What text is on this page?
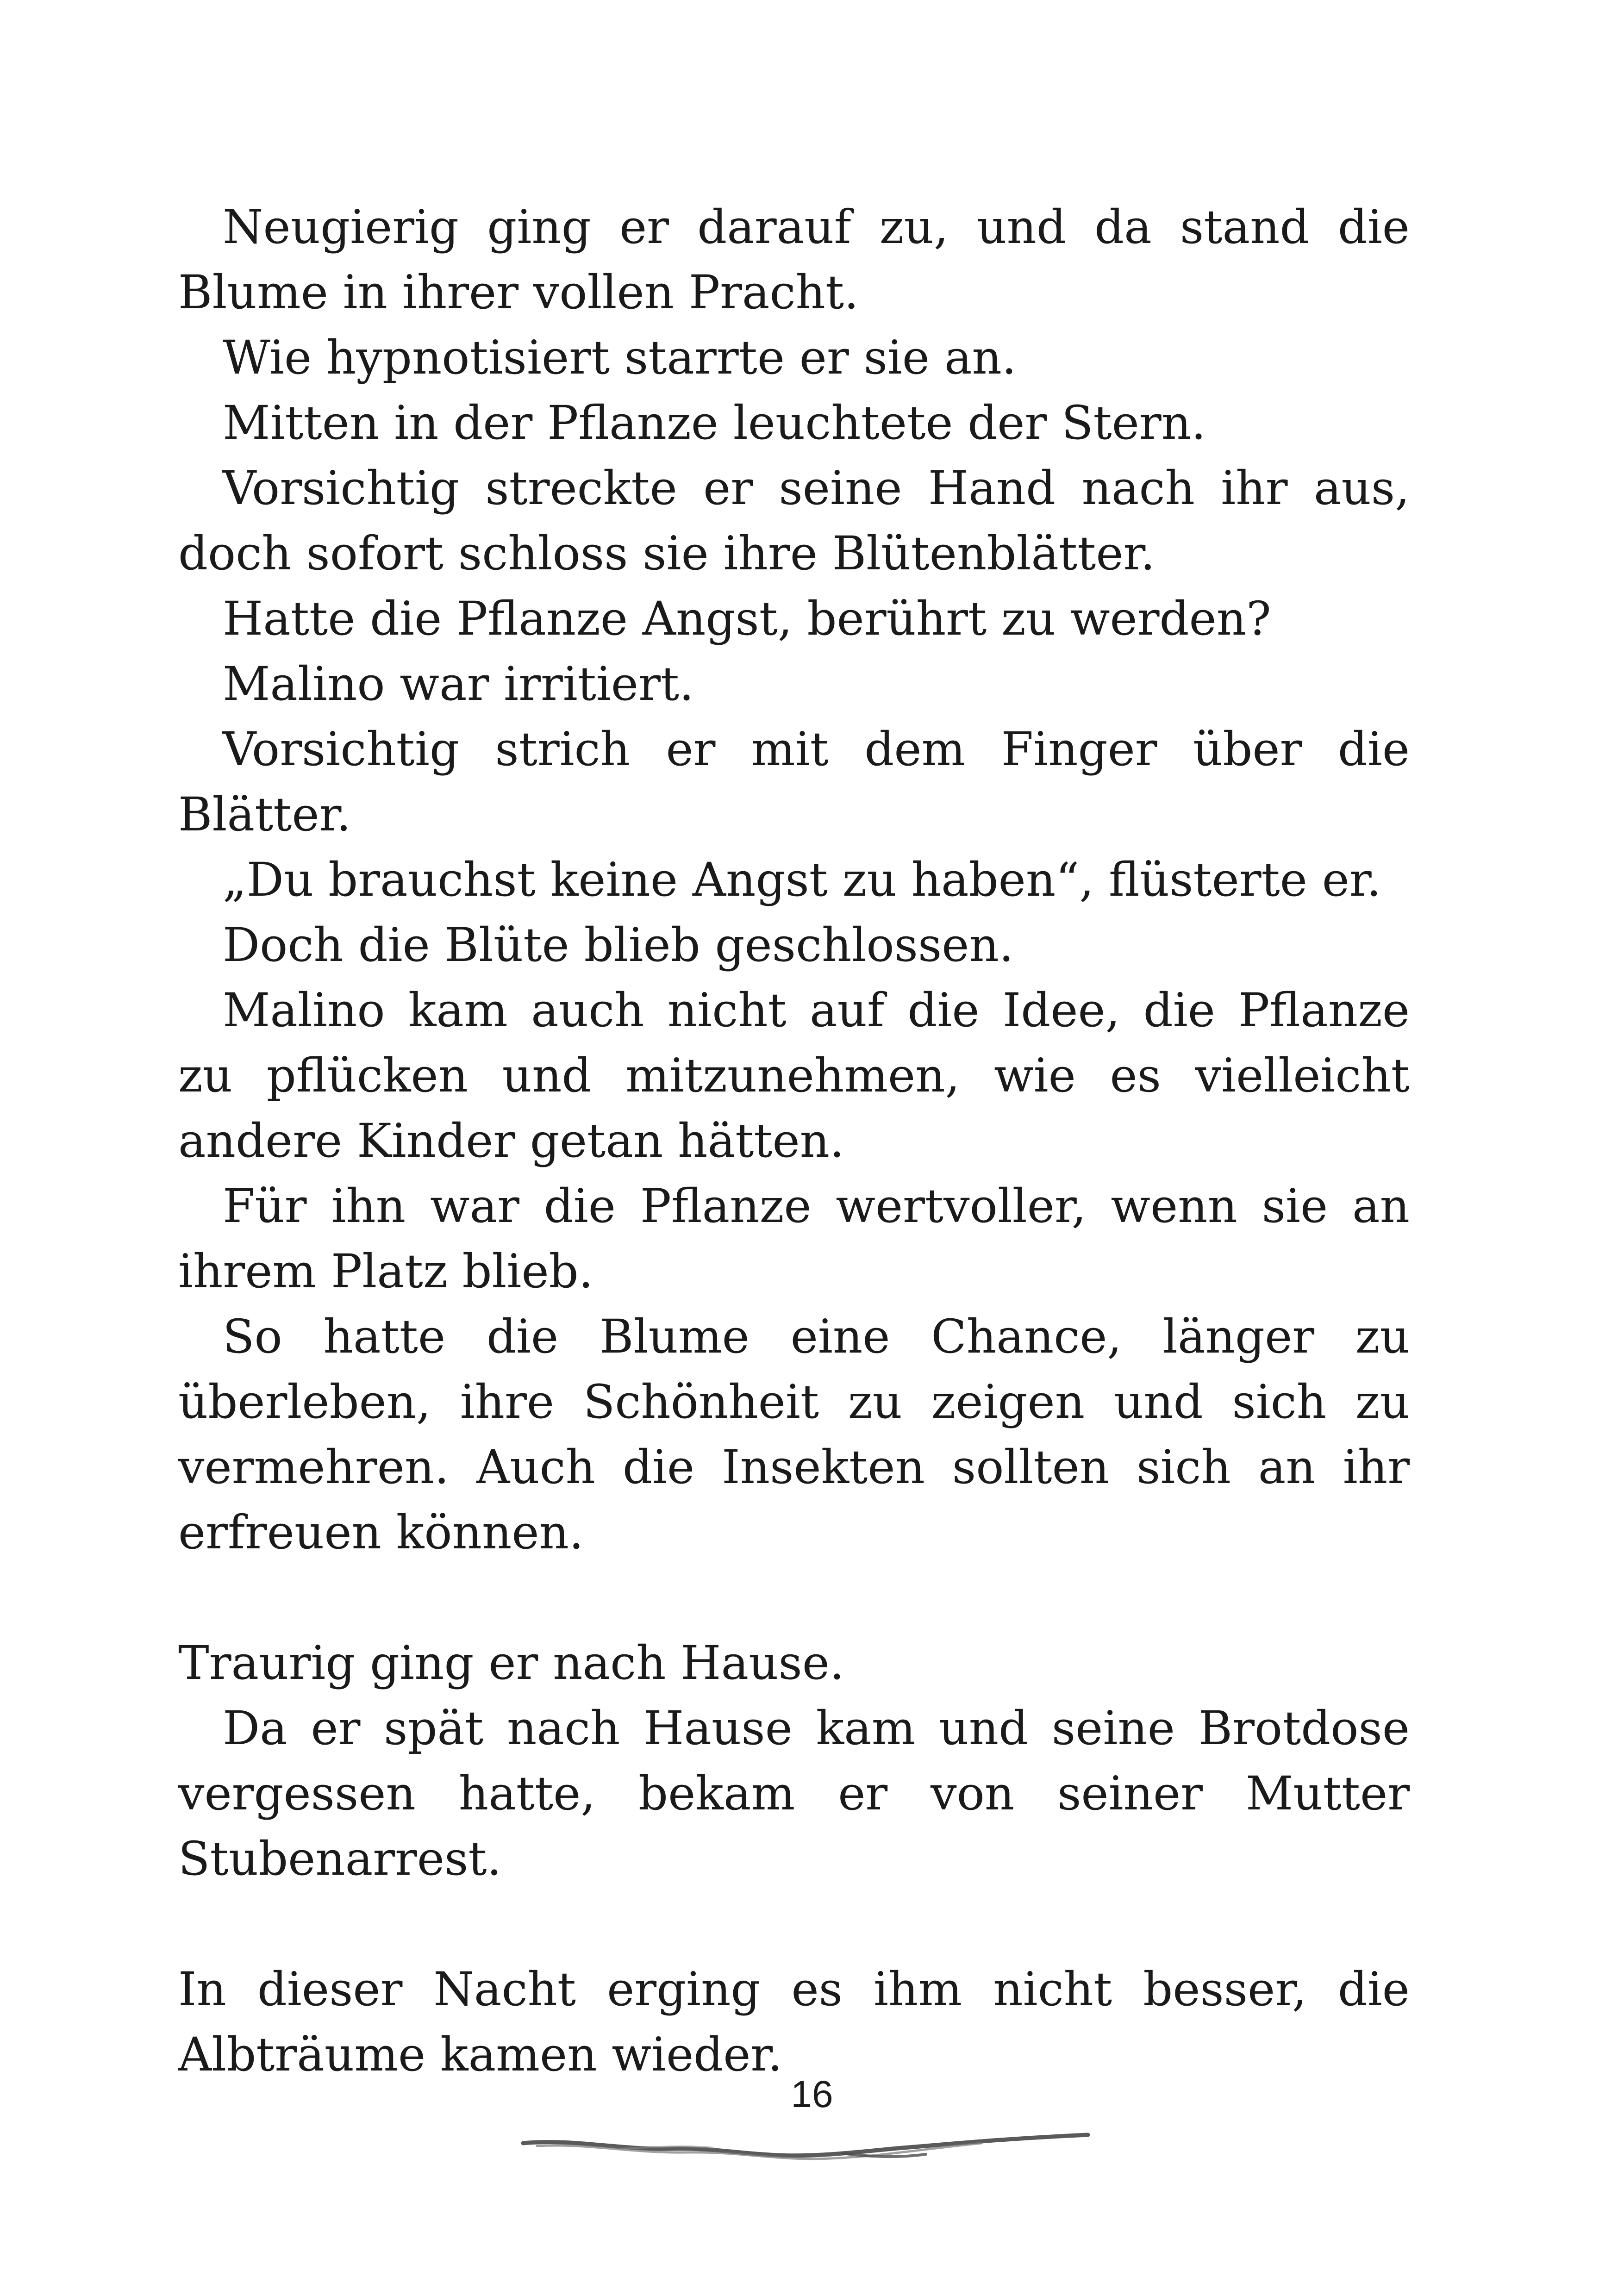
Neugierig ging er darauf zu, und da stand die Blume in ihrer vollen Pracht.

Wie hypnotisiert starrte er sie an.

Mitten in der Pflanze leuchtete der Stern.

Vorsichtig streckte er seine Hand nach ihr aus, doch sofort schloss sie ihre Blütenblätter.

Hatte die Pflanze Angst, berührt zu werden?

Malino war irritiert.

Vorsichtig strich er mit dem Finger über die Blätter.

„Du brauchst keine Angst zu haben“, flüsterte er.

Doch die Blüte blieb geschlossen.

Malino kam auch nicht auf die Idee, die Pflanze zu pflücken und mitzunehmen, wie es vielleicht andere Kinder getan hätten.

Für ihn war die Pflanze wertvoller, wenn sie an ihrem Platz blieb.

So hatte die Blume eine Chance, länger zu überleben, ihre Schönheit zu zeigen und sich zu vermehren. Auch die Insekten sollten sich an ihr erfreuen können.

Traurig ging er nach Hause.

Da er spät nach Hause kam und seine Brotdose vergessen hatte, bekam er von seiner Mutter Stubenarrest.

In dieser Nacht erging es ihm nicht besser, die Albträume kamen wieder.

16
